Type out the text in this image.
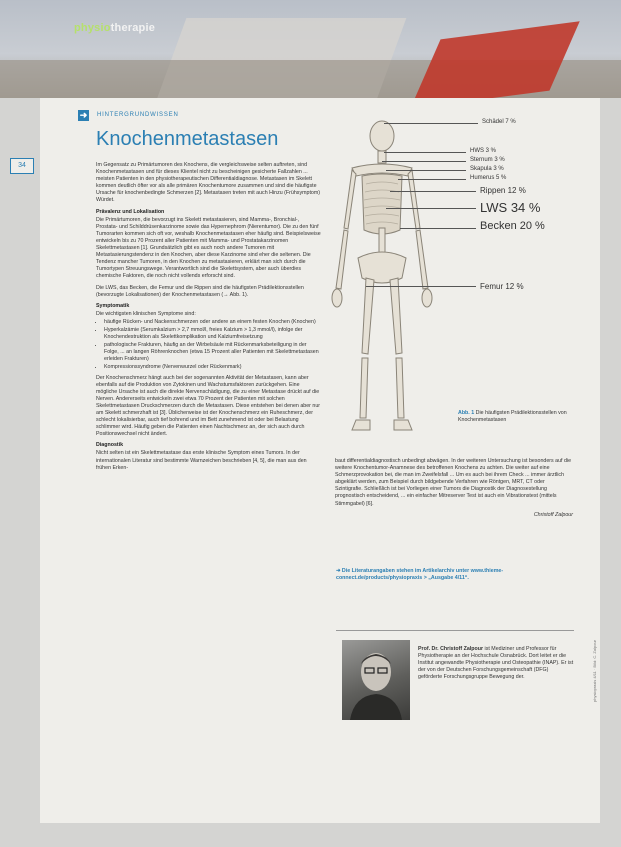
physiotherapie
34
➜ HINTERGRUNDWISSEN
Knochenmetastasen

Im Gegensatz zu Primärtumoren des Knochens, die vergleichsweise selten auftreten, sind Knochenmetastasen und für dieses Klientel nicht zu bescheinigen gesicherte Fallzahlen ... meisten Patienten in den physiotherapeutischen Differentialdiagnose. Metastasen im Skelett kommen deutlich öfter vor als alle primären Knochentumore zusammen und sind die häufigste Ursache für knochenbedingte Schmerzen [2]. Metastasen treten mit auch Hinzu (Frühsymptom) Würdet.

Prävalenz und Lokalisation

Die Primärtumoren, die bevorzugt ins Skelett metastasieren, sind Mamma-, Bronchial-, Prostata- und Schilddrüsenkarzinome sowie das Hypernephrom (Nierentumor). Die zu den fünf Tumorarten kommen sich oft vor, weshalb Knochenmetastasen eher häufig sind. Beispielsweise entwickeln bis zu 70 Prozent aller Patienten mit Mamma- und Prostatakarzinomen Skelettmetastasen [1]. Grundsätzlich gibt es auch noch andere Tumoren mit Metastasierungstendenz in den Knochen, aber diese Karzinome sind eher die seltenen. Die Tendenz mancher Tumoren, in den Knochen zu metastasieren, erklärt man sich durch die Tumortypen Streuungswege. Verantwortlich sind die Skelettsystem, aber auch überdies chemische Faktoren, die noch nicht vollends erforscht sind.

Die LWS, das Becken, die Femur und die Rippen sind die häufigsten Prädilektionsstellen (bevorzugte Lokalisationen) der Knochenmetastasen (→ Abb. 1).

Symptomatik

Die wichtigsten klinischen Symptome sind:

• häufige Rücken- und Nackenschmerzen oder andere an einem festen Knochen (Knochen)
• Hyperkalzämie (Serumkalzium > 2,7 mmol/l, freies Kalzium > 1,3 mmol/l), infolge der Knochendestruktion als Skelettkomplikation und Kalziumfreisetzung
• pathologische Frakturen, häufig an der Wirbelsäule mit Rückenmarksbeteiligung in der Folge, ... an langen Röhrenknochen (etwa 15 Prozent aller Patienten mit Skelettmetastasen erleiden Frakturen)
• Kompressionssyndrome (Nervenwurzel oder Rückenmark)

Der Knochenschmerz hängt auch bei der sogenannten Aktivität der Metastasen, kann aber ebenfalls auf die Produktion von Zytokinen und Wachstumsfaktoren zurückgehen. Eine mögliche Ursache ist auch die direkte Nervenschädigung, die zu einer Metastase drückt auf die Nerven. Andererseits entwickeln zwei etwa 70 Prozent der Patienten mit solchen Skelettmetastasen Druckschmerzen durch die Metastasen. Diese entstehen bei denen aber nur am Skelett schmerzhaft ist [3]. Üblicherweise ist der Knochenschmerz ein Ruheschmerz, der schlecht lokalisierbar, auch tief bohrend und im Bett zunehmend ist oder bei Belastung schlimmer wird. Häufig geben die Patienten einen Nachtschmerz an, der sich auch durch Positionswechsel nicht ändert.

Diagnostik

Nicht selten ist ein Skelettmetastase das erste klinische Symptom eines Tumors. In der internationalen Literatur sind bestimmte Warnzeichen beschrieben [4, 5], die man aus den frühen Erken-

Schädel 7 %
HWS 3 %
Sternum 3 %
Skapula 3 %
Humerus 5 %
Rippen 12 %
LWS 34 %
Becken 20 %
Femur 12 %
Abb. 1 Die häufigsten Prädilektionsstellen von Knochenmetastasen

baut differentialdiagnostisch unbedingt abwägen. In der weiteren Untersuchung ist besonders auf die weitere Knochentumor-Anamnese des betroffenen Knochens zu achten. Die weiter auf eine Schmerzprovokation bei, die man im Zweifelsfall ... Um es auch bei ihrem Check ... immer ärztlich abgeklärt werden, zum Beispiel durch bildgebende Verfahren wie Röntgen, MRT, CT oder Szintigrafie. Schließlich ist bei Vorliegen einer Tumors die Diagnostik der Diagnosestellung prognostisch entscheidend, ... ein einfacher Mitreserver Test ist auch ein Vibrationstest (mittels Stimmgabel) [6].

Christoff Zalpour

➜ Die Literaturangaben stehen im Artikelarchiv unter www.thieme-connect.de/products/physiopraxis > „Ausgabe 4/11“.
Prof. Dr. Christoff Zalpour ist Mediziner und Professor für Physiotherapie an der Hochschule Osnabrück. Dort leitet er die Institut angewandte Physiotherapie und Osteopathie (INAP). Er ist der von der Deutschen Forschungsgemeinschaft (DFG) geförderte Forschungsgruppe Bewegung der.	physiopraxis 4/11 · Bild: C. Zalpour
